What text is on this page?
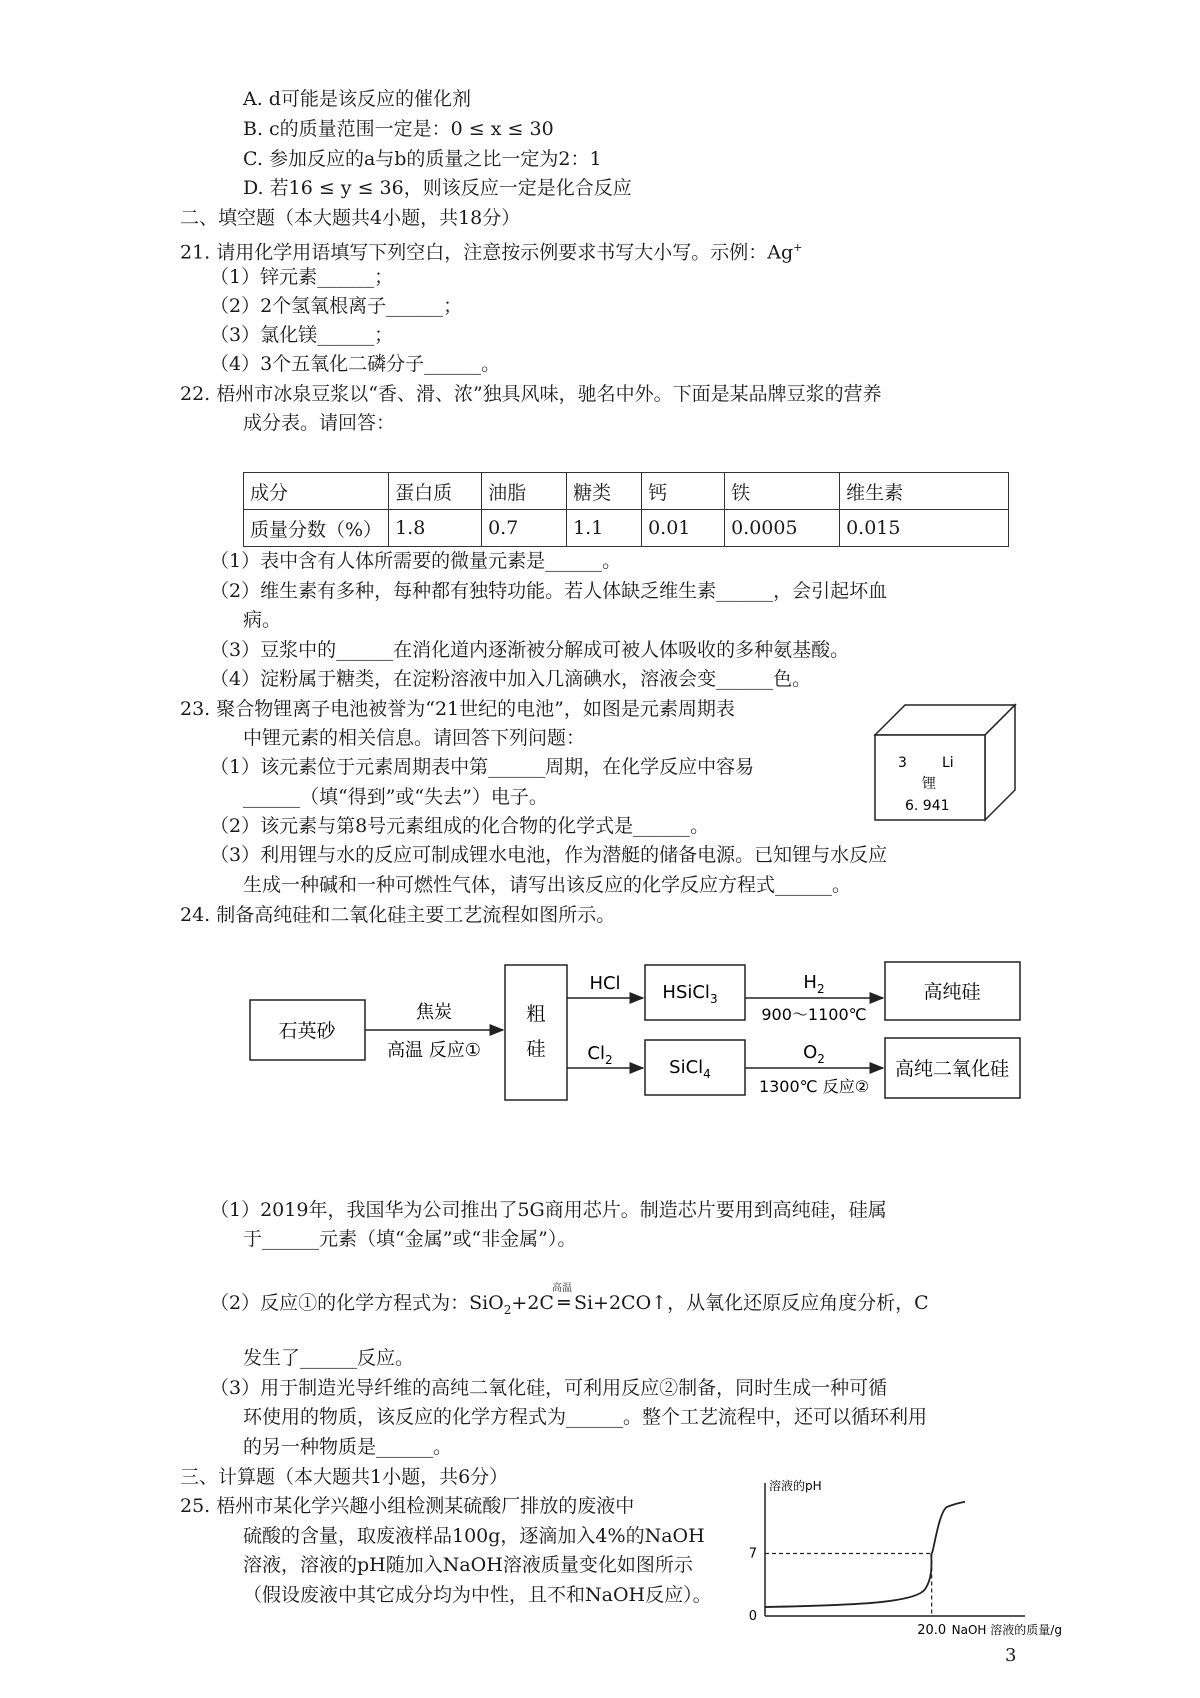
A. d可能是该反应的催化剂
B. c的质量范围一定是：0 ≤ x ≤ 30
C. 参加反应的a与b的质量之比一定为2：1
D. 若16 ≤ y ≤ 36，则该反应一定是化合反应
二、填空题（本大题共4小题，共18分）
21. 请用化学用语填写下列空白，注意按示例要求书写大小写。示例：Ag+
（1）锌元素______；
（2）2个氢氧根离子______；
（3）氯化镁______；
（4）3个五氧化二磷分子______。
22. 梧州市冰泉豆浆以“香、滑、浓”独具风味，驰名中外。下面是某品牌豆浆的营养
成分表。请回答：
成分	蛋白质	油脂	糖类	钙	铁	维生素
质量分数（%）	1.8	0.7	1.1	0.01	0.0005	0.015
（1）表中含有人体所需要的微量元素是______。
（2）维生素有多种，每种都有独特功能。若人体缺乏维生素______，会引起坏血
病。
（3）豆浆中的______在消化道内逐渐被分解成可被人体吸收的多种氨基酸。
（4）淀粉属于糖类，在淀粉溶液中加入几滴碘水，溶液会变______色。
23. 聚合物锂离子电池被誉为“21世纪的电池”，如图是元素周期表
中锂元素的相关信息。请回答下列问题：
（1）该元素位于元素周期表中第______周期，在化学反应中容易
______（填“得到”或“失去”）电子。
（2）该元素与第8号元素组成的化合物的化学式是______。
（3）利用锂与水的反应可制成锂水电池，作为潜艇的储备电源。已知锂与水反应
生成一种碱和一种可燃性气体，请写出该反应的化学反应方程式______。
3	Li
锂
6. 941
24. 制备高纯硅和二氧化硅主要工艺流程如图所示。
石英砂
焦炭
高温 反应①
粗
硅
HCl HSiCl$_3$
$H_2$
900～1100℃
高纯硅
$Cl_2$	SiCl$_4$
$O_2$
1300℃ 反应②
高纯二氧化硅
（1）2019年，我国华为公司推出了5G商用芯片。制造芯片要用到高纯硅，硅属
于______元素（填“金属”或“非金属”）。
（2）反应①的化学方程式为：SiO$_2$+2C
高温
═ Si+2CO↑，从氧化还原反应角度分析，C
发生了______反应。
（3）用于制造光导纤维的高纯二氧化硅，可利用反应②制备，同时生成一种可循
环使用的物质，该反应的化学方程式为______。整个工艺流程中，还可以循环利用
的另一种物质是______。
三、计算题（本大题共1小题，共6分）
25. 梧州市某化学兴趣小组检测某硫酸厂排放的废液中
硫酸的含量，取废液样品100g，逐滴加入4%的NaOH
溶液，溶液的pH随加入NaOH溶液质量变化如图所示
（假设废液中其它成分均为中性，且不和NaOH反应）。
溶液的pH
NaOH 溶液的质量/g
7
20.0
0
3
